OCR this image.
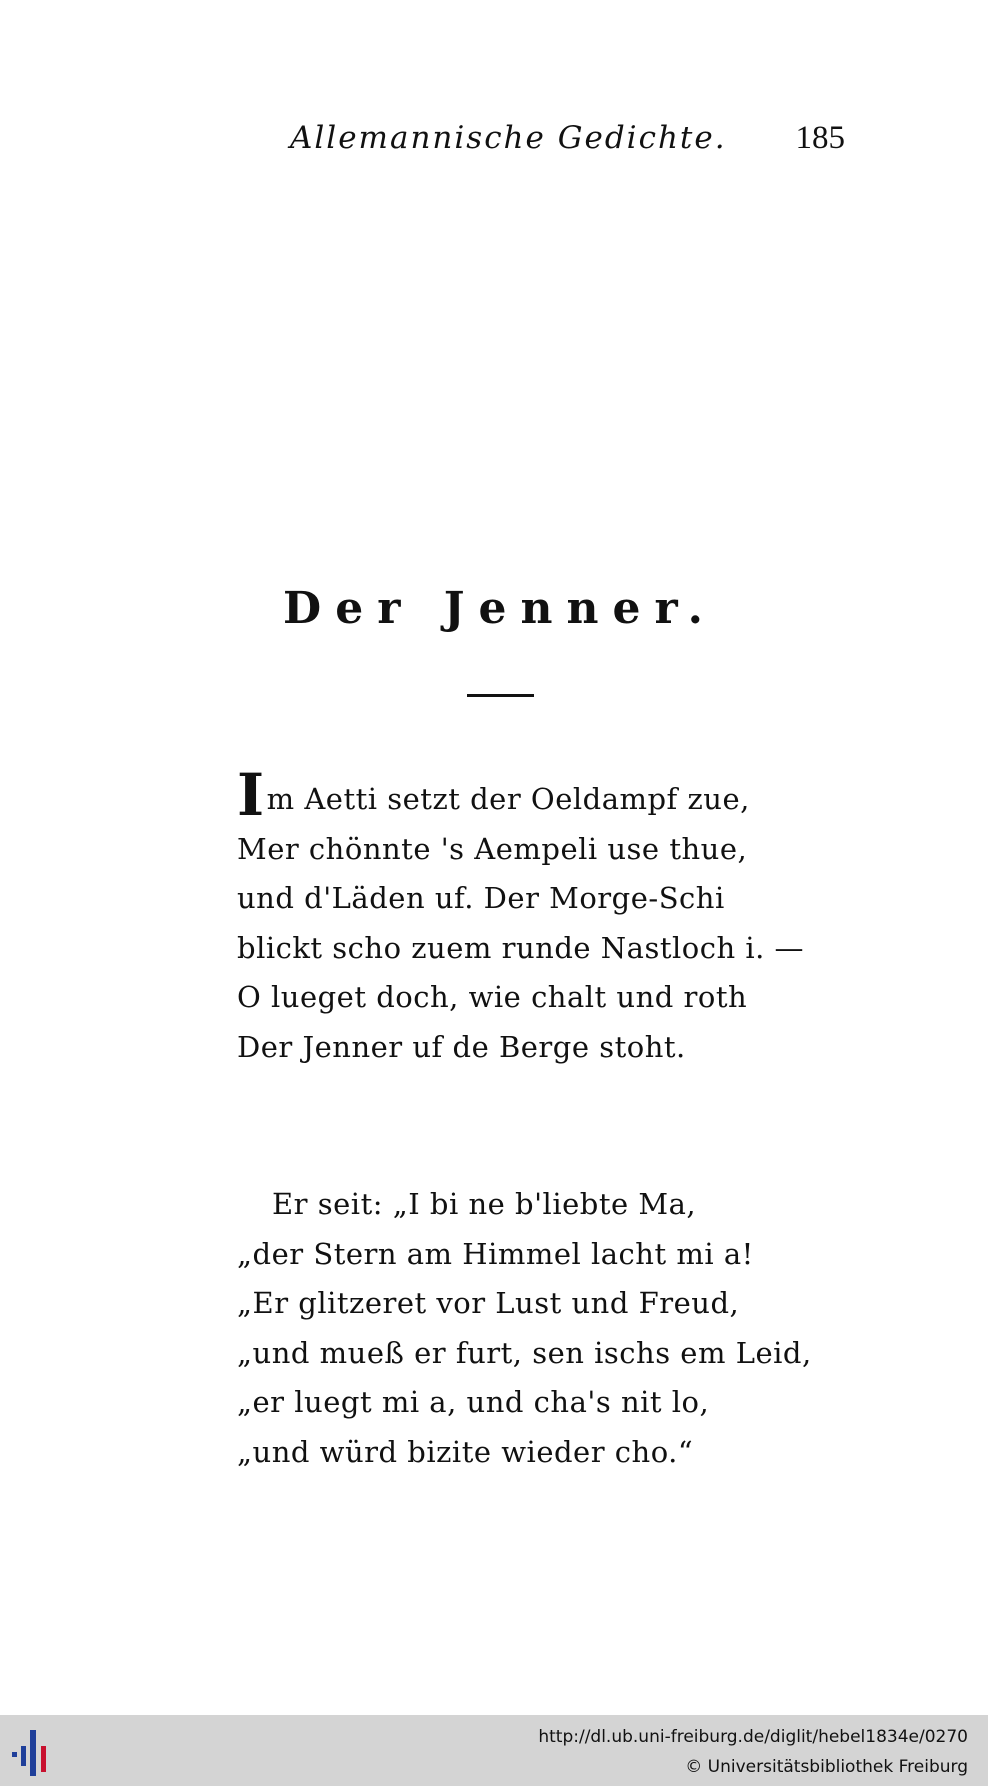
Allemannische Gedichte. 185
Der Jenner.
Im Aetti setzt der Oeldampf zue,
Mer chönnte 's Aempeli use thue,
und d'Läden uf. Der Morge-Schi
blickt scho zuem runde Nastloch i. —
O lueget doch, wie chalt und roth
Der Jenner uf de Berge stoht.
Er seit: „I bi ne b'liebte Ma,
„der Stern am Himmel lacht mi a!
„Er glitzeret vor Lust und Freud,
„und mueß er furt, sen ischs em Leid,
„er luegt mi a, und cha's nit lo,
„und würd bizite wieder cho.“
http://dl.ub.uni-freiburg.de/diglit/hebel1834e/0270
© Universitätsbibliothek Freiburg
